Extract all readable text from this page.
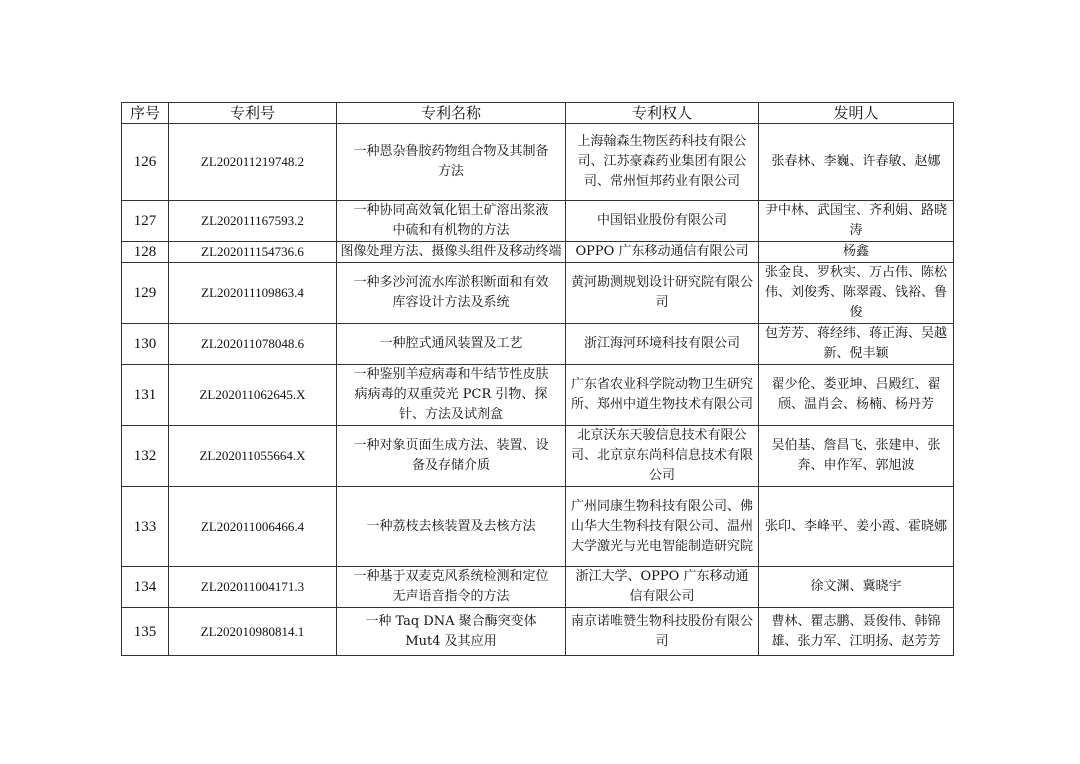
序号	专利号	专利名称	专利权人	发明人
126	ZL202011219748.2	一种恩杂鲁胺药物组合物及其制备方法	上海翰森生物医药科技有限公司、江苏豪森药业集团有限公司、常州恒邦药业有限公司	张春林、李巍、许春敏、赵娜
127	ZL202011167593.2	一种协同高效氧化铝土矿溶出浆液中硫和有机物的方法	中国铝业股份有限公司	尹中林、武国宝、齐利娟、路晓涛
128	ZL202011154736.6	图像处理方法、摄像头组件及移动终端	OPPO 广东移动通信有限公司	杨鑫
129	ZL202011109863.4	一种多沙河流水库淤积断面和有效库容设计方法及系统	黄河勘测规划设计研究院有限公司	张金良、罗秋实、万占伟、陈松伟、刘俊秀、陈翠霞、钱裕、鲁俊
130	ZL202011078048.6	一种腔式通风装置及工艺	浙江海河环境科技有限公司	包芳芳、蒋经纬、蒋正海、吴越新、倪丰颖
131	ZL202011062645.X	一种鉴别羊痘病毒和牛结节性皮肤病病毒的双重荧光 PCR 引物、探针、方法及试剂盒	广东省农业科学院动物卫生研究所、郑州中道生物技术有限公司	翟少伦、娄亚坤、吕殿红、翟颀、温肖会、杨楠、杨丹芳
132	ZL202011055664.X	一种对象页面生成方法、装置、设备及存储介质	北京沃东天骏信息技术有限公司、北京京东尚科信息技术有限公司	吴伯基、詹昌飞、张建申、张奔、申作军、郭旭波
133	ZL202011006466.4	一种荔枝去核装置及去核方法	广州同康生物科技有限公司、佛山华大生物科技有限公司、温州大学激光与光电智能制造研究院	张印、李峰平、姜小霞、霍晓娜
134	ZL202011004171.3	一种基于双麦克风系统检测和定位无声语音指令的方法	浙江大学、OPPO 广东移动通信有限公司	徐文渊、冀晓宇
135	ZL202010980814.1	一种 Taq DNA 聚合酶突变体 Mut4 及其应用	南京诺唯赞生物科技股份有限公司	曹林、瞿志鹏、聂俊伟、韩锦雄、张力军、江明扬、赵芳芳
